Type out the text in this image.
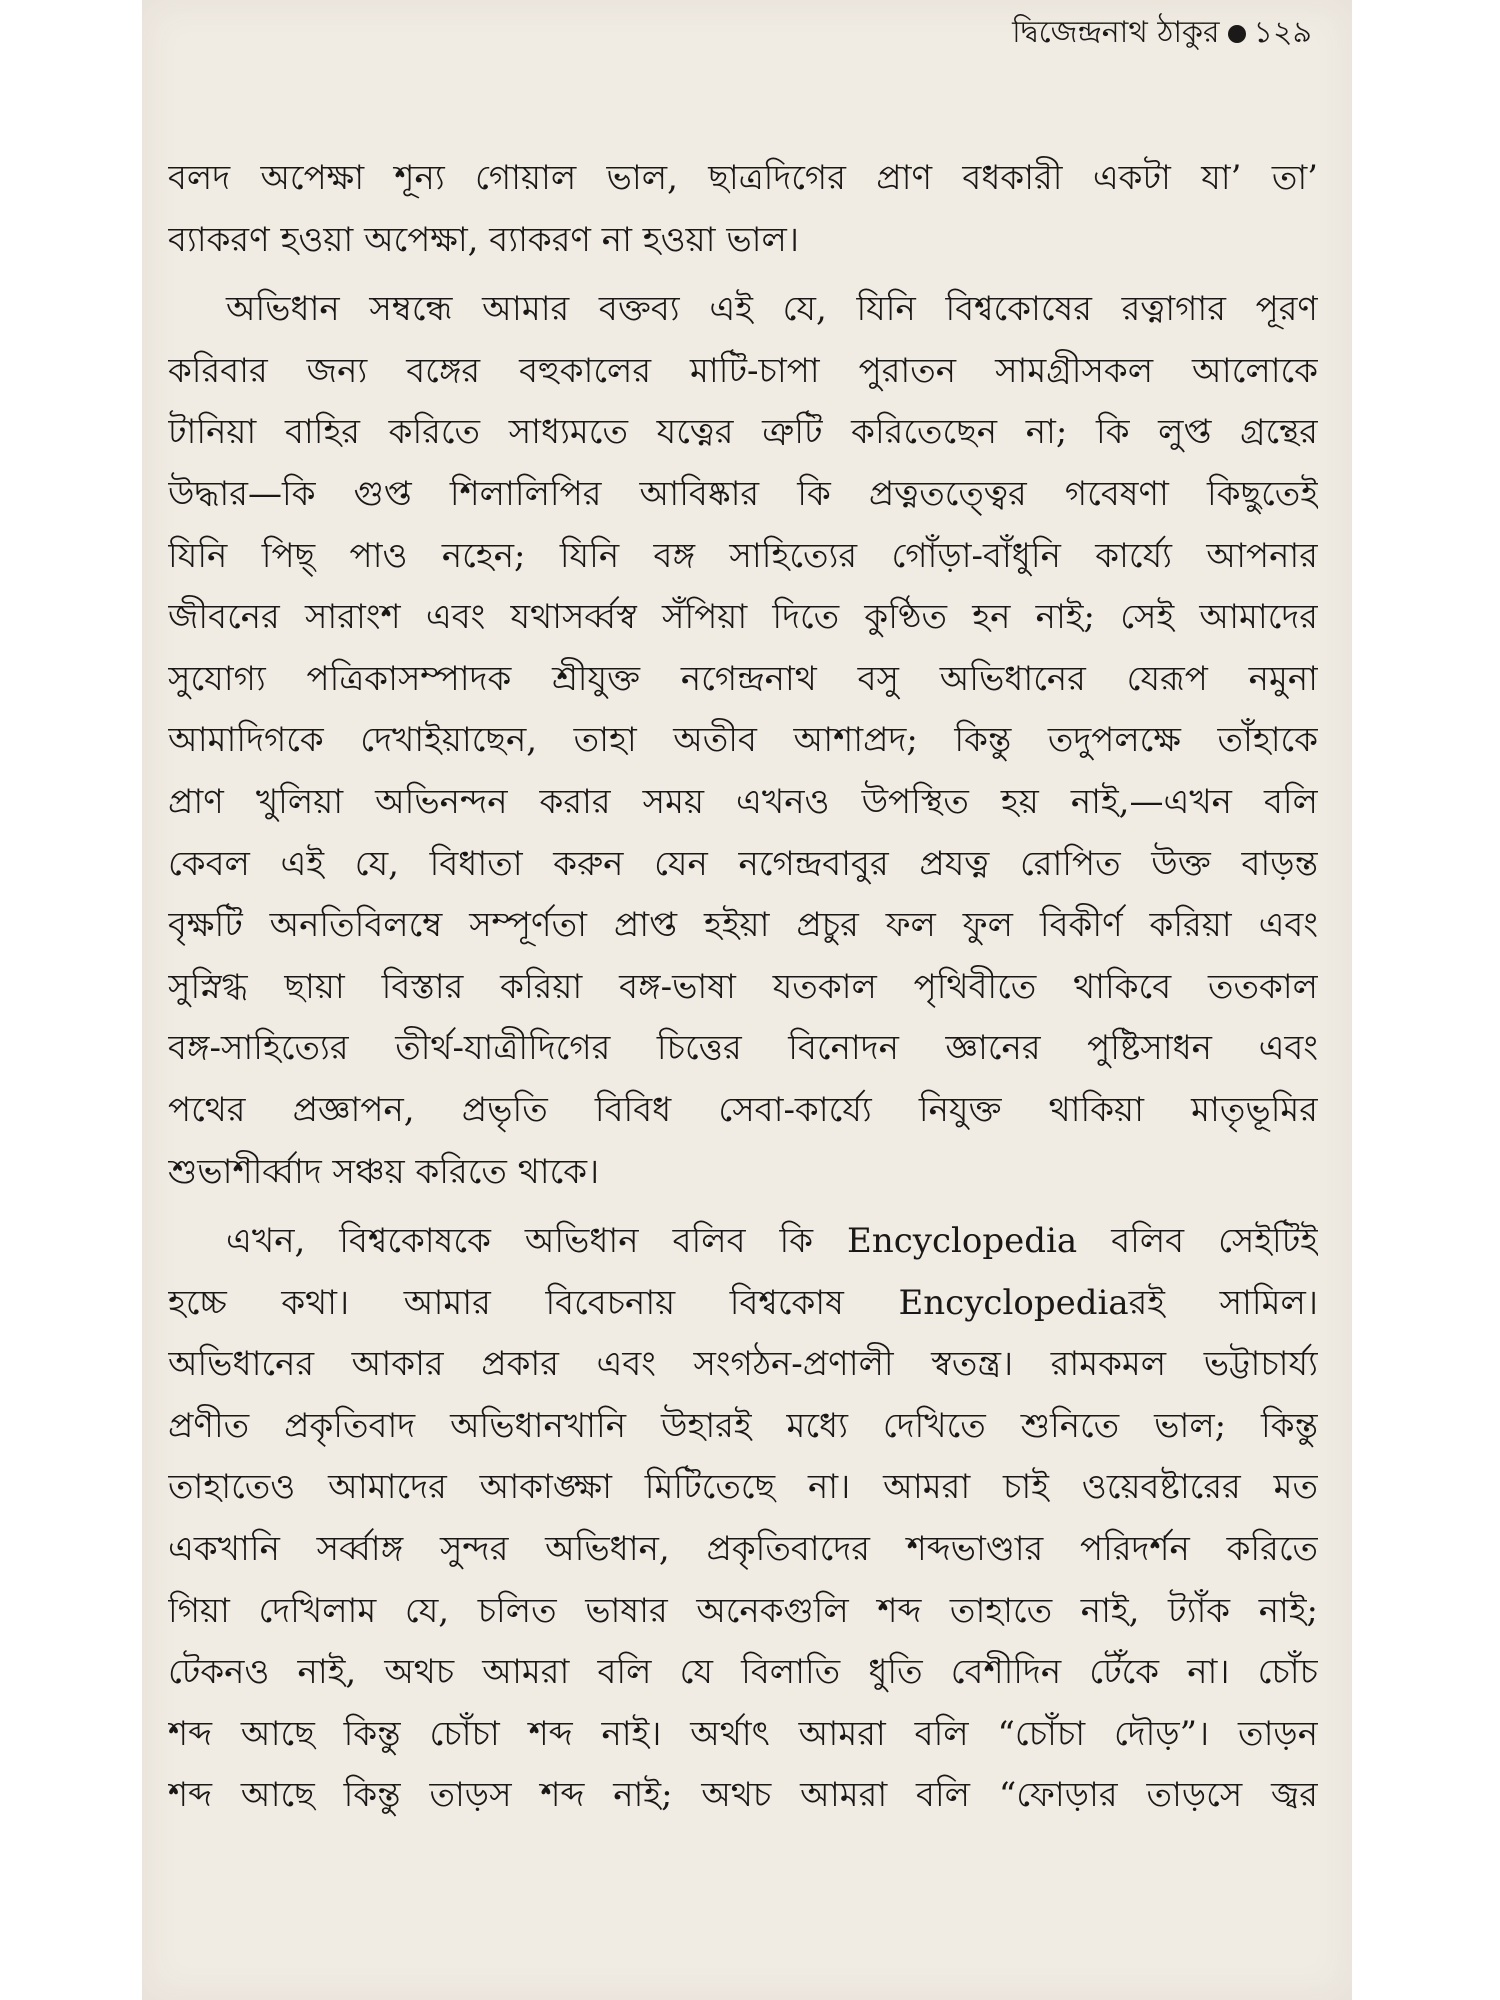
দ্বিজেন্দ্রনাথ ঠাকুর ১২৯
বলদ অপেক্ষা শূন্য গোয়াল ভাল, ছাত্রদিগের প্রাণ বধকারী একটা যা’ তা’
ব্যাকরণ হওয়া অপেক্ষা, ব্যাকরণ না হওয়া ভাল।
অভিধান সম্বন্ধে আমার বক্তব্য এই যে, যিনি বিশ্বকোষের রত্নাগার পূরণ
করিবার জন্য বঙ্গের বহুকালের মাটি-চাপা পুরাতন সামগ্রীসকল আলোকে
টানিয়া বাহির করিতে সাধ্যমতে যত্নের ত্রুটি করিতেছেন না; কি লুপ্ত গ্রন্থের
উদ্ধার—কি গুপ্ত শিলালিপির আবিষ্কার কি প্রত্নতত্ত্বের গবেষণা কিছুতেই
যিনি পিছ্ পাও নহেন; যিনি বঙ্গ সাহিত্যের গোঁড়া-বাঁধুনি কার্য্যে আপনার
জীবনের সারাংশ এবং যথাসর্ব্বস্ব সঁপিয়া দিতে কুণ্ঠিত হন নাই; সেই আমাদের
সুযোগ্য পত্রিকাসম্পাদক শ্রীযুক্ত নগেন্দ্রনাথ বসু অভিধানের যেরূপ নমুনা
আমাদিগকে দেখাইয়াছেন, তাহা অতীব আশাপ্রদ; কিন্তু তদুপলক্ষে তাঁহাকে
প্রাণ খুলিয়া অভিনন্দন করার সময় এখনও উপস্থিত হয় নাই,—এখন বলি
কেবল এই যে, বিধাতা করুন যেন নগেন্দ্রবাবুর প্রযত্ন রোপিত উক্ত বাড়ন্ত
বৃক্ষটি অনতিবিলম্বে সম্পূর্ণতা প্রাপ্ত হইয়া প্রচুর ফল ফুল বিকীর্ণ করিয়া এবং
সুস্নিগ্ধ ছায়া বিস্তার করিয়া বঙ্গ-ভাষা যতকাল পৃথিবীতে থাকিবে ততকাল
বঙ্গ-সাহিত্যের তীর্থ-যাত্রীদিগের চিত্তের বিনোদন জ্ঞানের পুষ্টিসাধন এবং
পথের প্রজ্ঞাপন, প্রভৃতি বিবিধ সেবা-কার্য্যে নিযুক্ত থাকিয়া মাতৃভূমির
শুভাশীর্ব্বাদ সঞ্চয় করিতে থাকে।
এখন, বিশ্বকোষকে অভিধান বলিব কি Encyclopedia বলিব সেইটিই
হচ্চে কথা। আমার বিবেচনায় বিশ্বকোষ Encyclopediaরই সামিল।
অভিধানের আকার প্রকার এবং সংগঠন-প্রণালী স্বতন্ত্র। রামকমল ভট্টাচার্য্য
প্রণীত প্রকৃতিবাদ অভিধানখানি উহারই মধ্যে দেখিতে শুনিতে ভাল; কিন্তু
তাহাতেও আমাদের আকাঙ্ক্ষা মিটিতেছে না। আমরা চাই ওয়েবষ্টারের মত
একখানি সর্ব্বাঙ্গ সুন্দর অভিধান, প্রকৃতিবাদের শব্দভাণ্ডার পরিদর্শন করিতে
গিয়া দেখিলাম যে, চলিত ভাষার অনেকগুলি শব্দ তাহাতে নাই, ট্যাঁক নাই;
টেকনও নাই, অথচ আমরা বলি যে বিলাতি ধুতি বেশীদিন টেঁকে না। চোঁচ
শব্দ আছে কিন্তু চোঁচা শব্দ নাই। অর্থাৎ আমরা বলি “চোঁচা দৌড়”। তাড়ন
শব্দ আছে কিন্তু তাড়স শব্দ নাই; অথচ আমরা বলি “ফোড়ার তাড়সে জ্বর
